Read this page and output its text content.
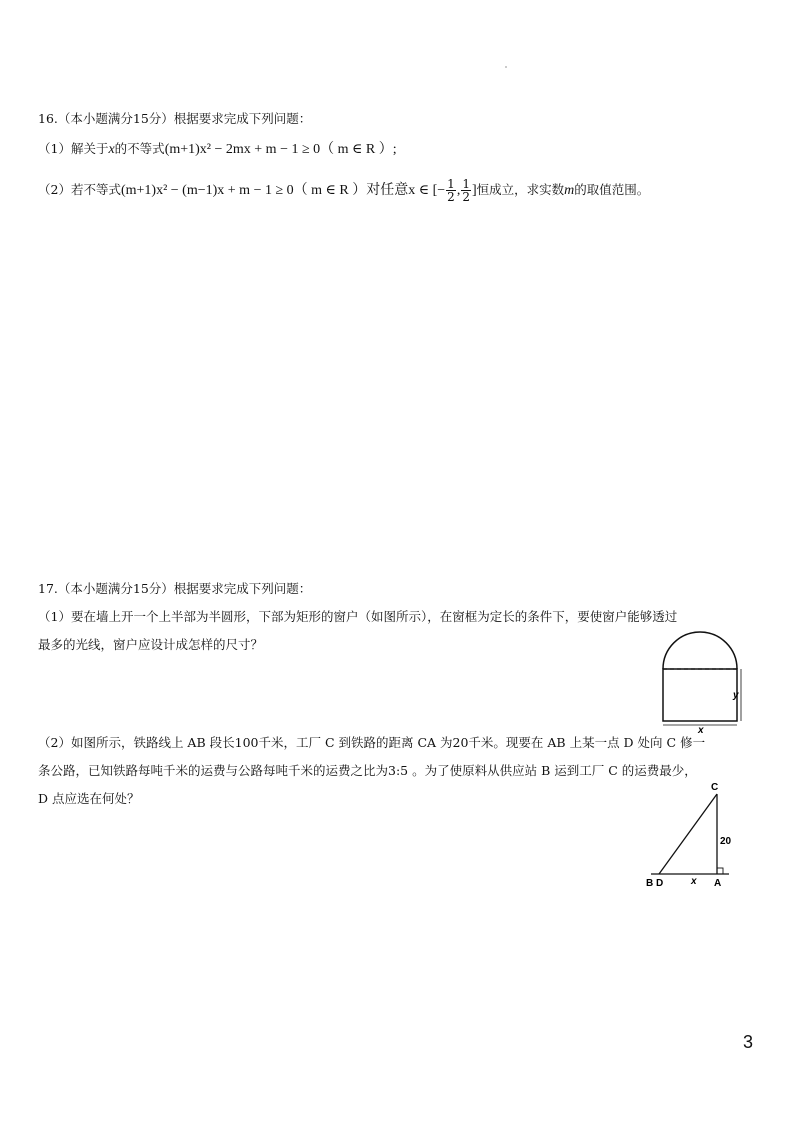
16.（本小题满分15分）根据要求完成下列问题：
（1）解关于x的不等式(m+1)x² − 2mx + m − 1 ≥ 0（ m ∈ R ）;
（2）若不等式(m+1)x² − (m−1)x + m − 1 ≥ 0（ m ∈ R ）对任意x ∈ [− $\frac{1}{2}$ , $\frac{1}{2}$ ]恒成立，求实数m的取值范围。
17.（本小题满分15分）根据要求完成下列问题：
（1）要在墙上开一个上半部为半圆形，下部为矩形的窗户（如图所示），在窗框为定长的条件下，要使窗户能够透过
最多的光线，窗户应设计成怎样的尺寸？
y
x
（2）如图所示，铁路线上 AB 段长100千米，工厂 C 到铁路的距离 CA 为20千米。现要在 AB 上某一点 D 处向 C 修一
条公路，已知铁路每吨千米的运费与公路每吨千米的运费之比为3:5 。为了使原料从供应站 B 运到工厂 C 的运费最少，
D 点应选在何处？
C
20
B D	x A
3
